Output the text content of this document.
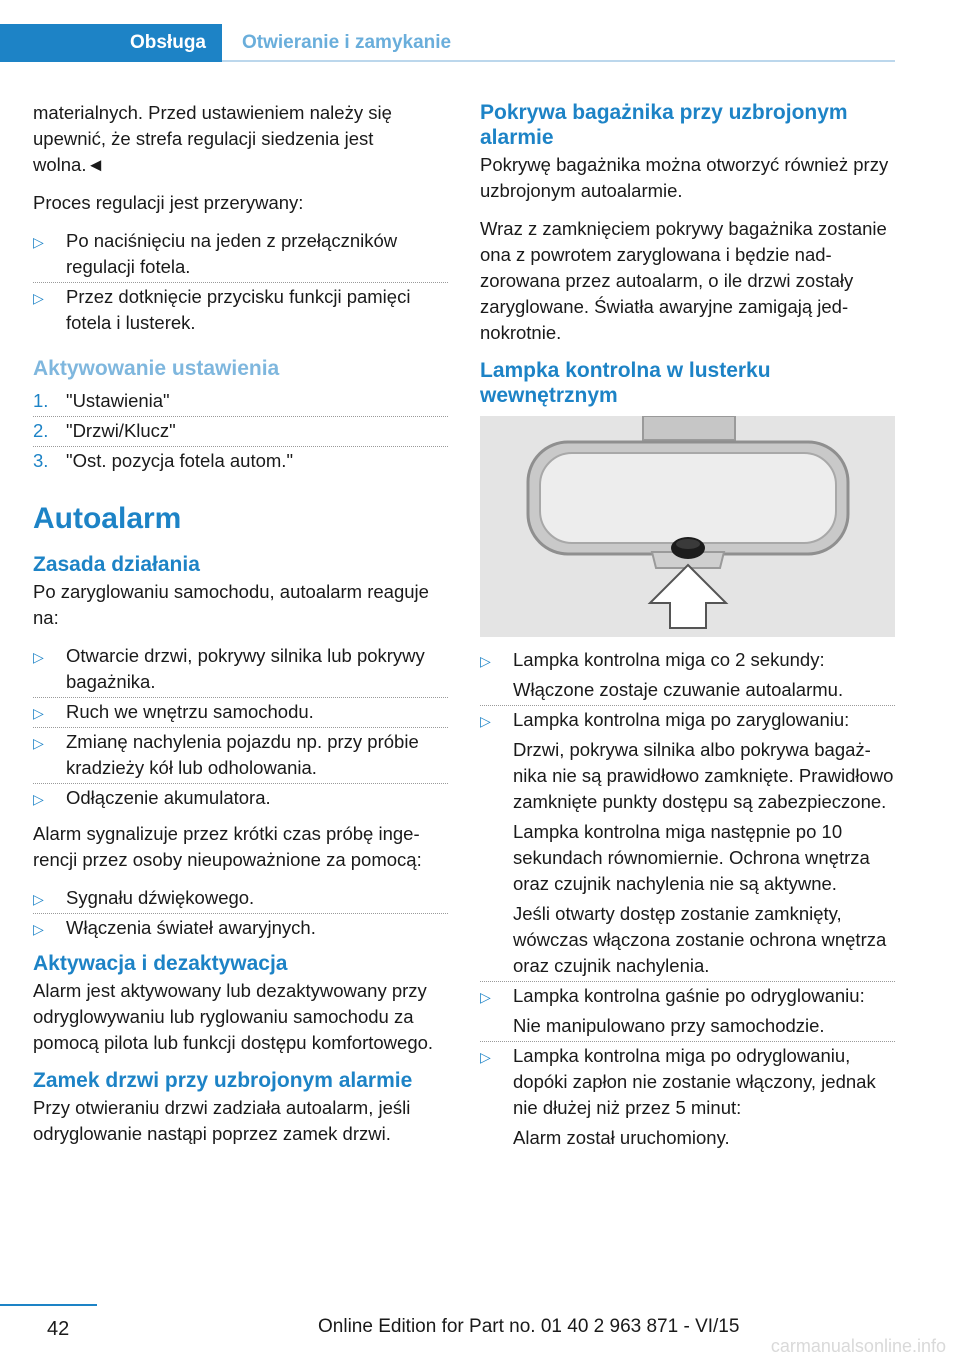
Obsługa	Otwieranie i zamykanie

materialnych. Przed ustawieniem należy się upewnić, że strefa regulacji siedzenia jest wolna.◄

Proces regulacji jest przerywany:

▷ Po naciśnięciu na jeden z przełączników regulacji fotela.
▷ Przez dotknięcie przycisku funkcji pamięci fotela i lusterek.
Aktywowanie ustawienia
1. "Ustawienia"
2. "Drzwi/Klucz"
3. "Ost. pozycja fotela autom."
Autoalarm
Zasada działania

Po zaryglowaniu samochodu, autoalarm reaguje na:

▷ Otwarcie drzwi, pokrywy silnika lub pokrywy bagażnika.
▷ Ruch we wnętrzu samochodu.
▷ Zmianę nachylenia pojazdu np. przy próbie kradzieży kół lub odholowania.
▷ Odłączenie akumulatora.

Alarm sygnalizuje przez krótki czas próbę ingerencji przez osoby nieupoważnione za pomocą:

▷ Sygnału dźwiękowego.
▷ Włączenia świateł awaryjnych.
Aktywacja i dezaktywacja

Alarm jest aktywowany lub dezaktywowany przy odryglowywaniu lub ryglowaniu samochodu za pomocą pilota lub funkcji dostępu komfortowego.

Zamek drzwi przy uzbrojonym alarmie

Przy otwieraniu drzwi zadziała autoalarm, jeśli odryglowanie nastąpi poprzez zamek drzwi.

Pokrywa bagażnika przy uzbrojonym alarmie

Pokrywę bagażnika można otworzyć również przy uzbrojonym autoalarmie.

Wraz z zamknięciem pokrywy bagażnika zostanie ona z powrotem zaryglowana i będzie nadzorowana przez autoalarm, o ile drzwi zostały zaryglowane. Światła awaryjne zamigają jednokrotnie.

Lampka kontrolna w lusterku wewnętrznym
▷ Lampka kontrolna miga co 2 sekundy:
Włączone zostaje czuwanie autoalarmu.
▷ Lampka kontrolna miga po zaryglowaniu:
Drzwi, pokrywa silnika albo pokrywa bagażnika nie są prawidłowo zamknięte. Prawidłowo zamknięte punkty dostępu są zabezpieczone.
Lampka kontrolna miga następnie po 10 sekundach równomiernie. Ochrona wnętrza oraz czujnik nachylenia nie są aktywne.
Jeśli otwarty dostęp zostanie zamknięty, wówczas włączona zostanie ochrona wnętrza oraz czujnik nachylenia.
▷ Lampka kontrolna gaśnie po odryglowaniu:
Nie manipulowano przy samochodzie.
▷ Lampka kontrolna miga po odryglowaniu, dopóki zapłon nie zostanie włączony, jednak nie dłużej niż przez 5 minut:
Alarm został uruchomiony.
42	Online Edition for Part no. 01 40 2 963 871 - VI/15
carmanualsonline.info
